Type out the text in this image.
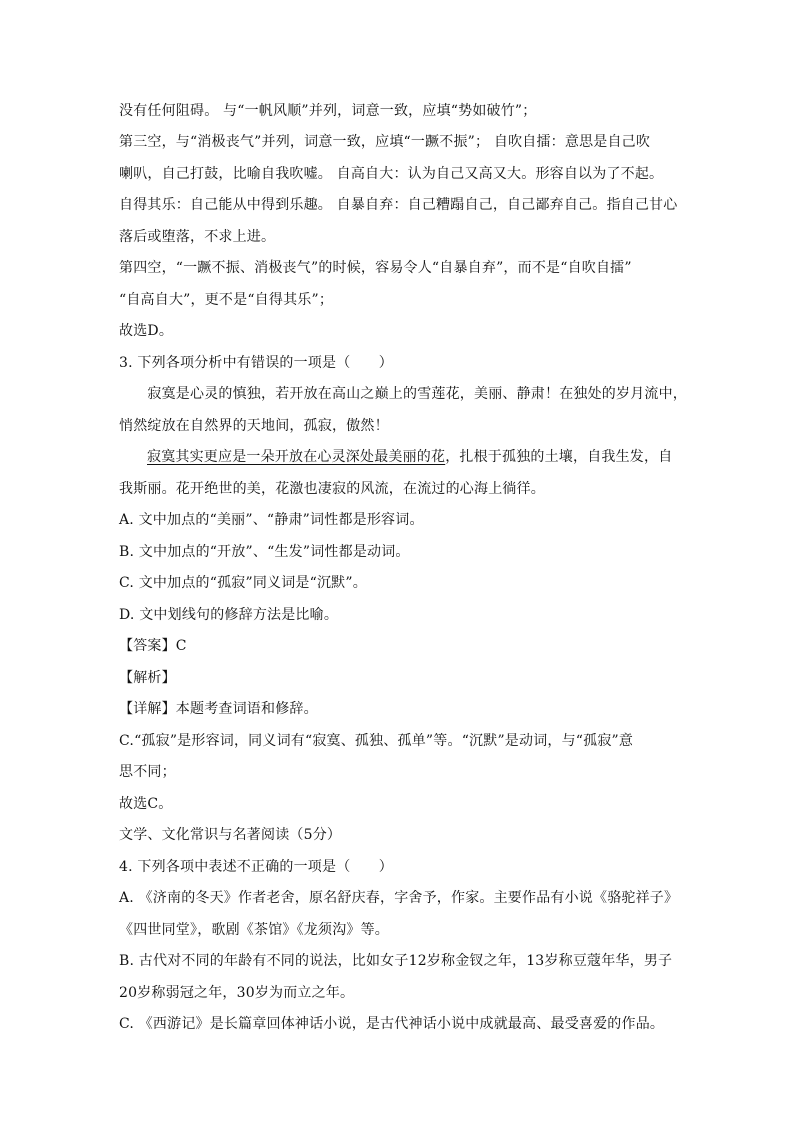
没有任何阻碍。 与“一帆风顺”并列，词意一致，应填“势如破竹”；
第三空，与“消极丧气”并列，词意一致，应填“一蹶不振”； 自吹自擂：意思是自己吹
喇叭，自己打鼓，比喻自我吹嘘。 自高自大：认为自己又高又大。形容自以为了不起。
自得其乐：自己能从中得到乐趣。 自暴自弃：自己糟蹋自己，自己鄙弃自己。指自己甘心
落后或堕落，不求上进。
第四空，“一蹶不振、消极丧气”的时候，容易令人“自暴自弃”，而不是“自吹自擂”
“自高自大”，更不是“自得其乐”；
故选D。
3. 下列各项分析中有错误的一项是（　　）
　　寂寞是心灵的慎独，若开放在高山之巅上的雪莲花，美丽、静肃！在独处的岁月流中，
悄然绽放在自然界的天地间，孤寂，傲然！
寂寞其实更应是一朵开放在心灵深处最美丽的花，扎根于孤独的土壤，自我生发，自
我斯丽。花开绝世的美，花激也凄寂的风流，在流过的心海上徜徉。
A. 文中加点的“美丽”、“静肃”词性都是形容词。
B. 文中加点的“开放”、“生发”词性都是动词。
C. 文中加点的“孤寂”同义词是“沉默”。
D. 文中划线句的修辞方法是比喻。
【答案】C
【解析】
【详解】本题考查词语和修辞。
C.“孤寂”是形容词，同义词有“寂寞、孤独、孤单”等。“沉默”是动词，与“孤寂”意
思不同；
故选C。
文学、文化常识与名著阅读（5分）
4. 下列各项中表述不正确的一项是（　　）
A. 《济南的冬天》作者老舍，原名舒庆春，字舍予，作家。主要作品有小说《骆驼祥子》
《四世同堂》，歌剧《茶馆》《龙须沟》等。
B. 古代对不同的年龄有不同的说法，比如女子12岁称金钗之年，13岁称豆蔻年华，男子
20岁称弱冠之年，30岁为而立之年。
C. 《西游记》是长篇章回体神话小说，是古代神话小说中成就最高、最受喜爱的作品。
